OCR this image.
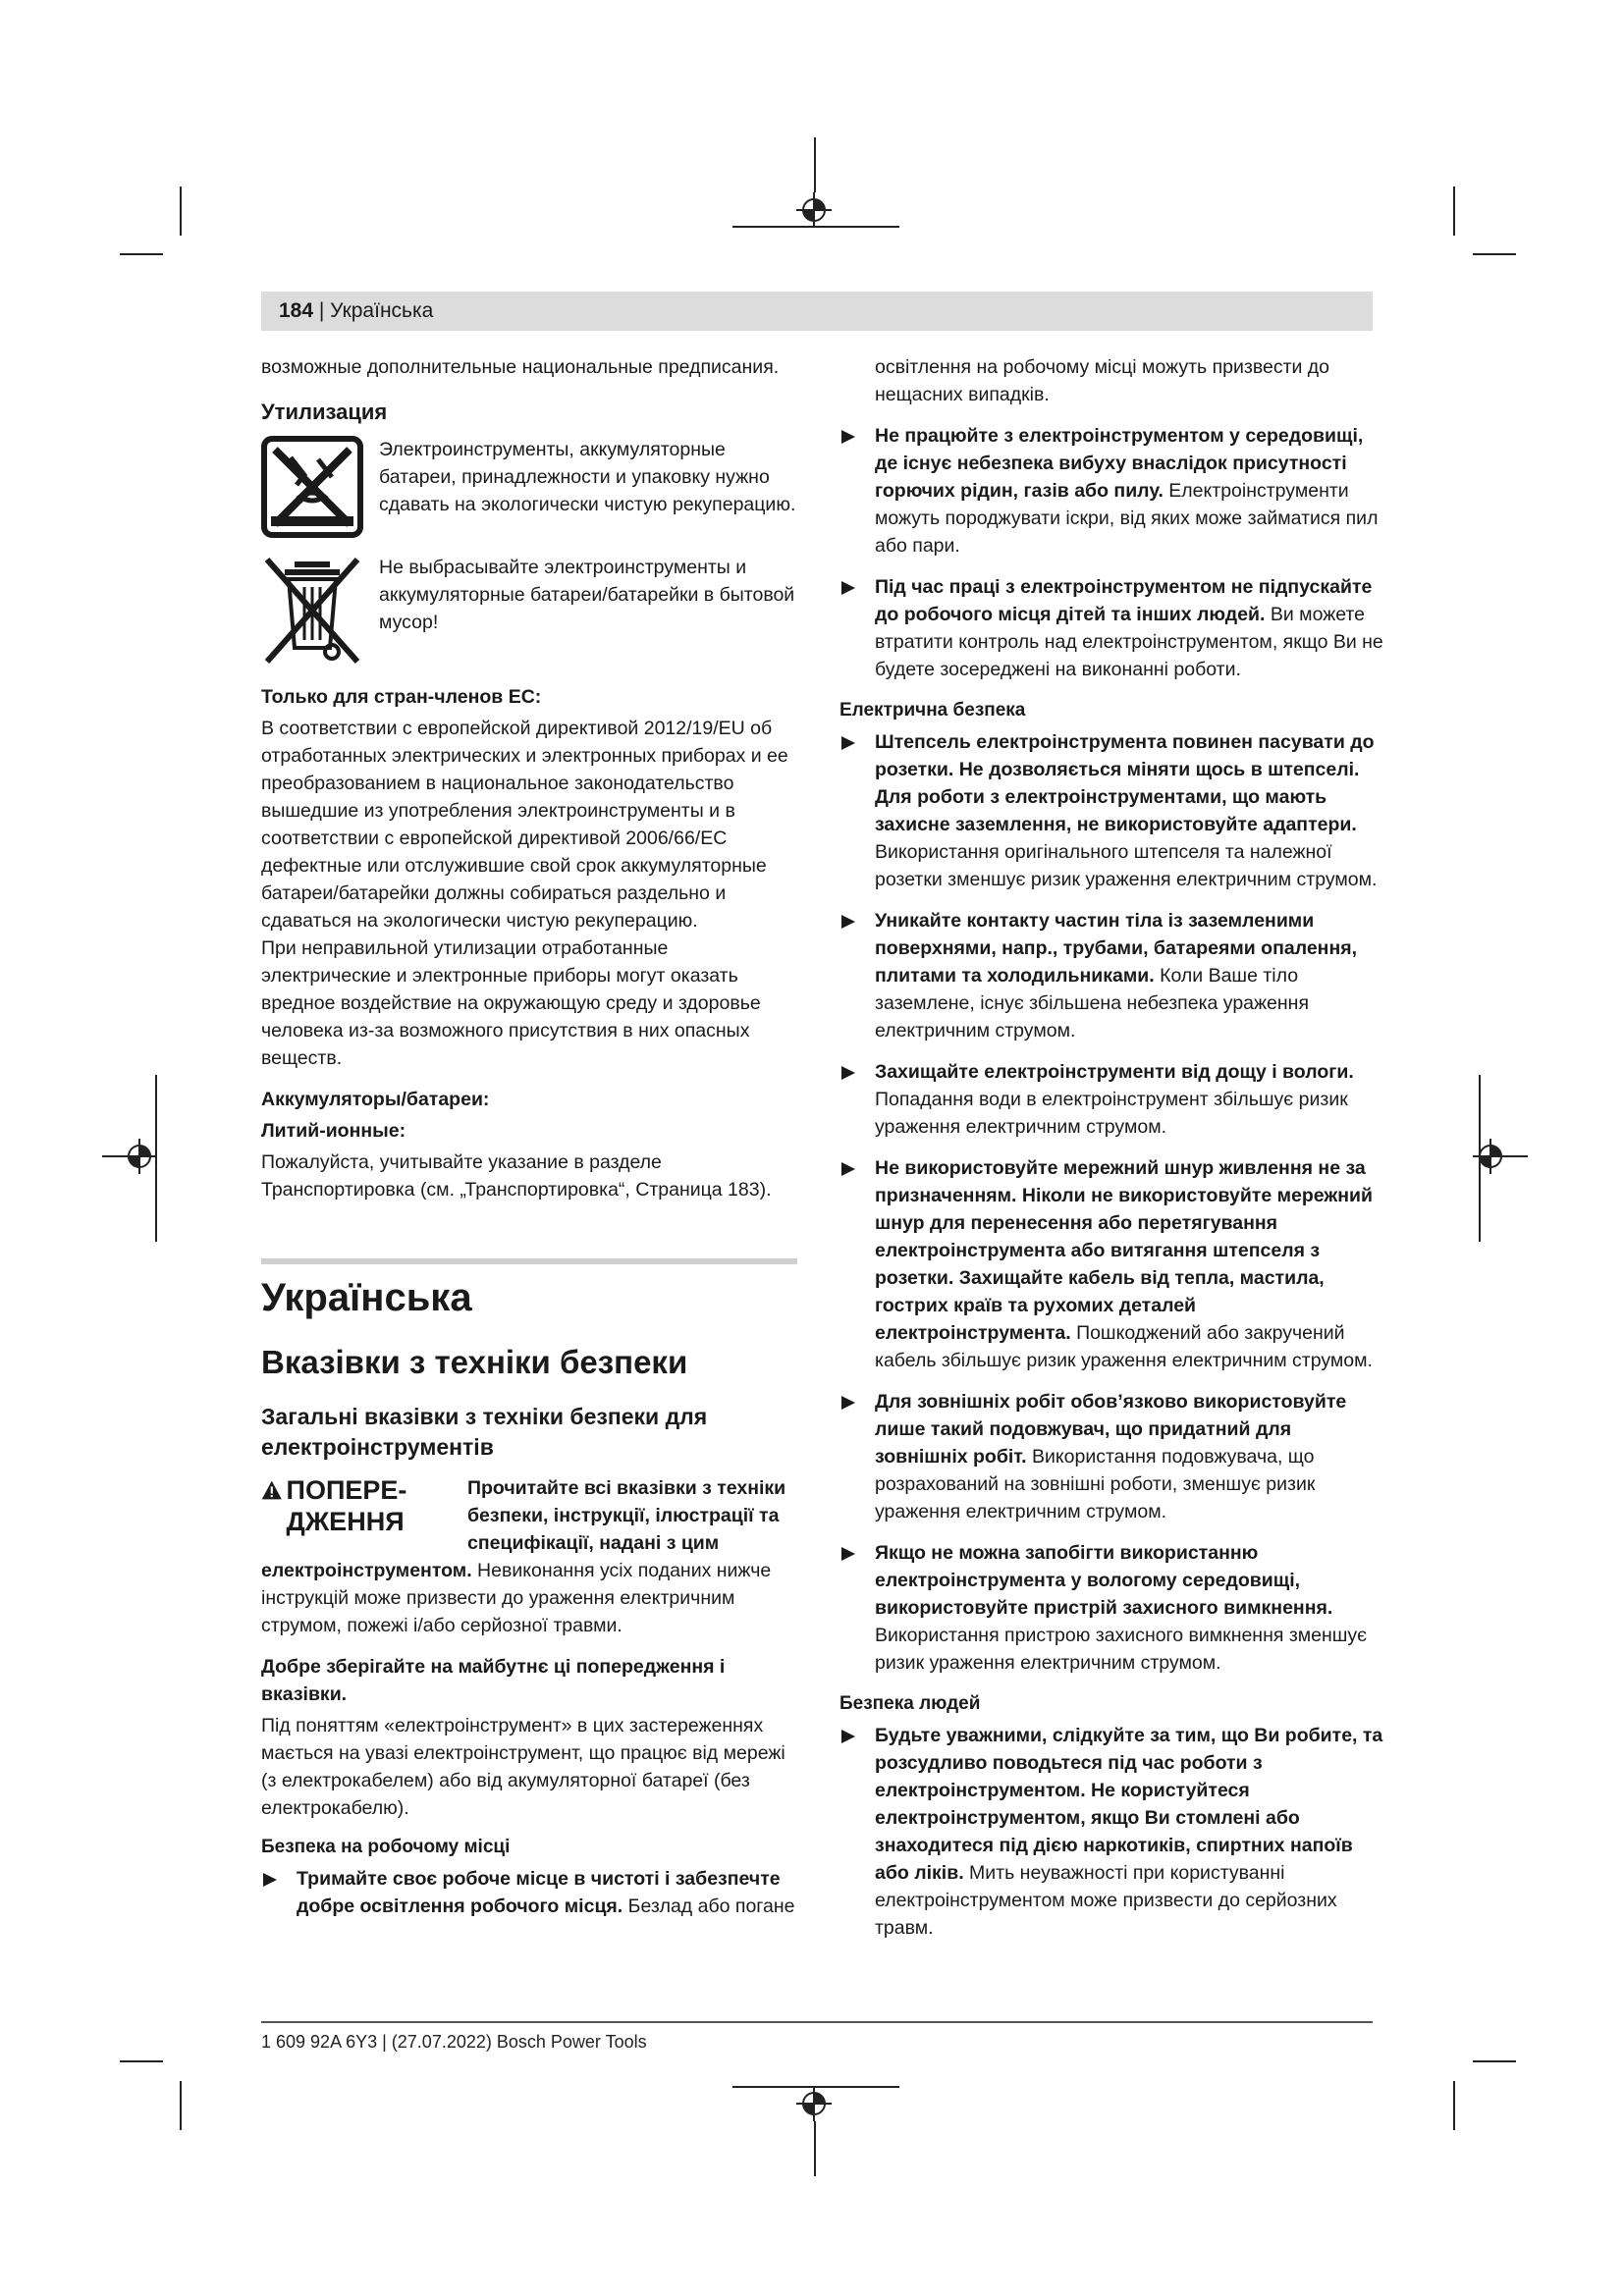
184 | Українська

возможные дополнительные национальные предписания.

Утилизация
Электроинструменты, аккумуляторные батареи, принадлежности и упаковку нужно сдавать на экологически чистую рекуперацию.
Не выбрасывайте электроинструменты и аккумуляторные батареи/батарейки в бытовой мусор!
Только для стран-членов ЕС:

В соответствии с европейской директивой 2012/19/EU об отработанных электрических и электронных приборах и ее преобразованием в национальное законодательство вышедшие из употребления электроинструменты и в соответствии с европейской директивой 2006/66/EC дефектные или отслужившие свой срок аккумуляторные батареи/батарейки должны собираться раздельно и сдаваться на экологически чистую рекуперацию.

При неправильной утилизации отработанные электрические и электронные приборы могут оказать вредное воздействие на окружающую среду и здоровье человека из-за возможного присутствия в них опасных веществ.

Аккумуляторы/батареи:
Литий-ионные:

Пожалуйста, учитывайте указание в разделе Транспортировка (см. „Транспортировка“, Страница 183).

Українська
Вказівки з техніки безпеки
Загальні вказівки з техніки безпеки для електроінструментів
ПОПЕРЕ-ДЖЕННЯ
Прочитайте всі вказівки з техніки безпеки, інструкції, ілюстрації та специфікації, надані з цим

електроінструментом. Невиконання усіх поданих нижче інструкцій може призвести до ураження електричним струмом, пожежі і/або серйозної травми.

Добре зберігайте на майбутнє ці попередження і вказівки.

Під поняттям «електроінструмент» в цих застереженнях мається на увазі електроінструмент, що працює від мережі (з електрокабелем) або від акумуляторної батареї (без електрокабелю).

Безпека на робочому місці
Тримайте своє робоче місце в чистоті і забезпечте добре освітлення робочого місця. Безлад або погане
освітлення на робочому місці можуть призвести до нещасних випадків.
Не працюйте з електроінструментом у середовищі, де існує небезпека вибуху внаслідок присутності горючих рідин, газів або пилу. Електроінструменти можуть породжувати іскри, від яких може займатися пил або пари.
Під час праці з електроінструментом не підпускайте до робочого місця дітей та інших людей. Ви можете втратити контроль над електроінструментом, якщо Ви не будете зосереджені на виконанні роботи.
Електрична безпека
Штепсель електроінструмента повинен пасувати до розетки. Не дозволяється міняти щось в штепселі. Для роботи з електроінструментами, що мають захисне заземлення, не використовуйте адаптери. Використання оригінального штепселя та належної розетки зменшує ризик ураження електричним струмом.
Уникайте контакту частин тіла із заземленими поверхнями, напр., трубами, батареями опалення, плитами та холодильниками. Коли Ваше тіло заземлене, існує збільшена небезпека ураження електричним струмом.
Захищайте електроінструменти від дощу і вологи. Попадання води в електроінструмент збільшує ризик ураження електричним струмом.
Не використовуйте мережний шнур живлення не за призначенням. Ніколи не використовуйте мережний шнур для перенесення або перетягування електроінструмента або витягання штепселя з розетки. Захищайте кабель від тепла, мастила, гострих країв та рухомих деталей електроінструмента. Пошкоджений або закручений кабель збільшує ризик ураження електричним струмом.
Для зовнішніх робіт обов’язково використовуйте лише такий подовжувач, що придатний для зовнішніх робіт. Використання подовжувача, що розрахований на зовнішні роботи, зменшує ризик ураження електричним струмом.
Якщо не можна запобігти використанню електроінструмента у вологому середовищі, використовуйте пристрій захисного вимкнення. Використання пристрою захисного вимкнення зменшує ризик ураження електричним струмом.
Безпека людей
Будьте уважними, слідкуйте за тим, що Ви робите, та розсудливо поводьтеся під час роботи з електроінструментом. Не користуйтеся електроінструментом, якщо Ви стомлені або знаходитеся під дією наркотиків, спиртних напоїв або ліків. Мить неуважності при користуванні електроінструментом може призвести до серйозних травм.
1 609 92A 6Y3 | (27.07.2022) Bosch Power Tools
